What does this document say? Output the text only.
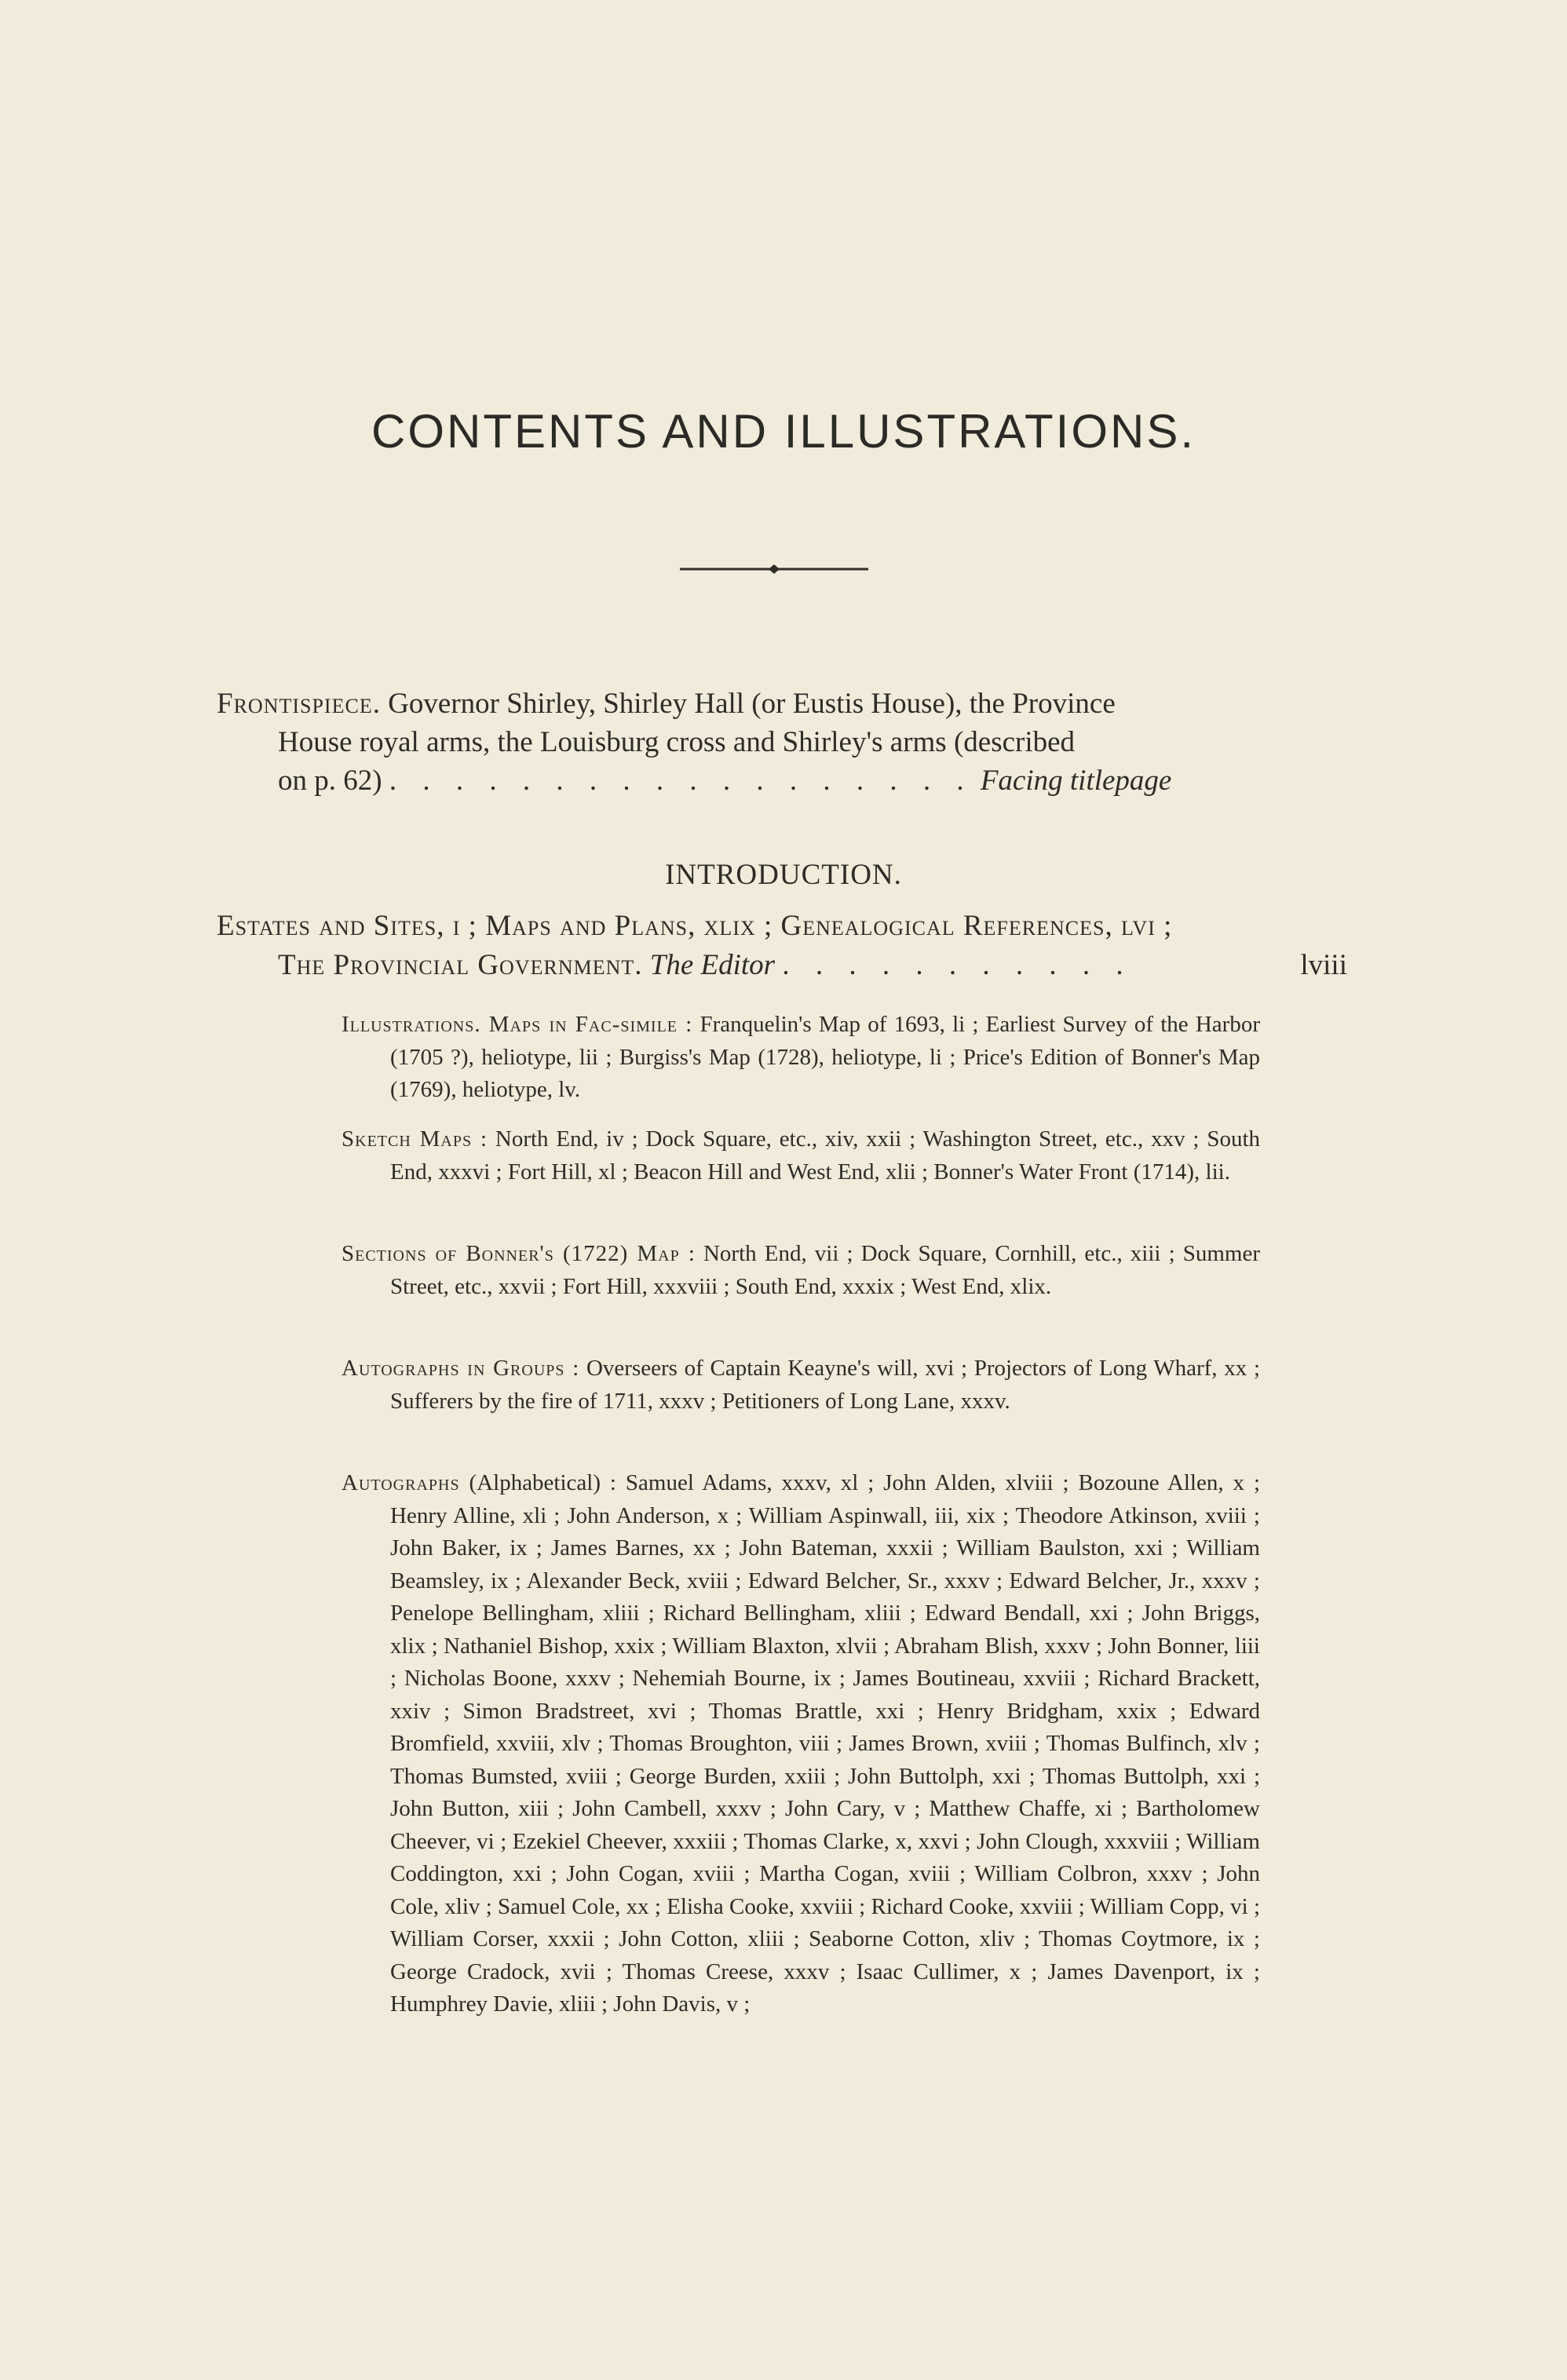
CONTENTS AND ILLUSTRATIONS.
Frontispiece. Governor Shirley, Shirley Hall (or Eustis House), the Province
House royal arms, the Louisburg cross and Shirley's arms (described
on p. 62) . . . . . . . . . . . . . . . . . . Facing titlepage
INTRODUCTION.
Estates and Sites, i ; Maps and Plans, xlix ; Genealogical References, lvi ;
The Provincial Government. The Editor . . . . . . . . . . .	lviii

Illustrations. Maps in Fac-simile : Franquelin's Map of 1693, li ; Earliest Survey of the Harbor (1705 ?), heliotype, lii ; Burgiss's Map (1728), heliotype, li ; Price's Edition of Bonner's Map (1769), heliotype, lv.

Sketch Maps : North End, iv ; Dock Square, etc., xiv, xxii ; Washington Street, etc., xxv ; South End, xxxvi ; Fort Hill, xl ; Beacon Hill and West End, xlii ; Bonner's Water Front (1714), lii.

Sections of Bonner's (1722) Map : North End, vii ; Dock Square, Cornhill, etc., xiii ; Summer Street, etc., xxvii ; Fort Hill, xxxviii ; South End, xxxix ; West End, xlix.

Autographs in Groups : Overseers of Captain Keayne's will, xvi ; Projectors of Long Wharf, xx ; Sufferers by the fire of 1711, xxxv ; Petitioners of Long Lane, xxxv.

Autographs (Alphabetical) : Samuel Adams, xxxv, xl ; John Alden, xlviii ; Bozoune Allen, x ; Henry Alline, xli ; John Anderson, x ; William Aspinwall, iii, xix ; Theodore Atkinson, xviii ; John Baker, ix ; James Barnes, xx ; John Bateman, xxxii ; William Baulston, xxi ; William Beamsley, ix ; Alexander Beck, xviii ; Edward Belcher, Sr., xxxv ; Edward Belcher, Jr., xxxv ; Penelope Bellingham, xliii ; Richard Bellingham, xliii ; Edward Bendall, xxi ; John Briggs, xlix ; Nathaniel Bishop, xxix ; William Blaxton, xlvii ; Abraham Blish, xxxv ; John Bonner, liii ; Nicholas Boone, xxxv ; Nehemiah Bourne, ix ; James Boutineau, xxviii ; Richard Brackett, xxiv ; Simon Bradstreet, xvi ; Thomas Brattle, xxi ; Henry Bridgham, xxix ; Edward Bromfield, xxviii, xlv ; Thomas Broughton, viii ; James Brown, xviii ; Thomas Bulfinch, xlv ; Thomas Bumsted, xviii ; George Burden, xxiii ; John Buttolph, xxi ; Thomas Buttolph, xxi ; John Button, xiii ; John Cambell, xxxv ; John Cary, v ; Matthew Chaffe, xi ; Bartholomew Cheever, vi ; Ezekiel Cheever, xxxiii ; Thomas Clarke, x, xxvi ; John Clough, xxxviii ; William Coddington, xxi ; John Cogan, xviii ; Martha Cogan, xviii ; William Colbron, xxxv ; John Cole, xliv ; Samuel Cole, xx ; Elisha Cooke, xxviii ; Richard Cooke, xxviii ; William Copp, vi ; William Corser, xxxii ; John Cotton, xliii ; Seaborne Cotton, xliv ; Thomas Coytmore, ix ; George Cradock, xvii ; Thomas Creese, xxxv ; Isaac Cullimer, x ; James Davenport, ix ; Humphrey Davie, xliii ; John Davis, v ;
